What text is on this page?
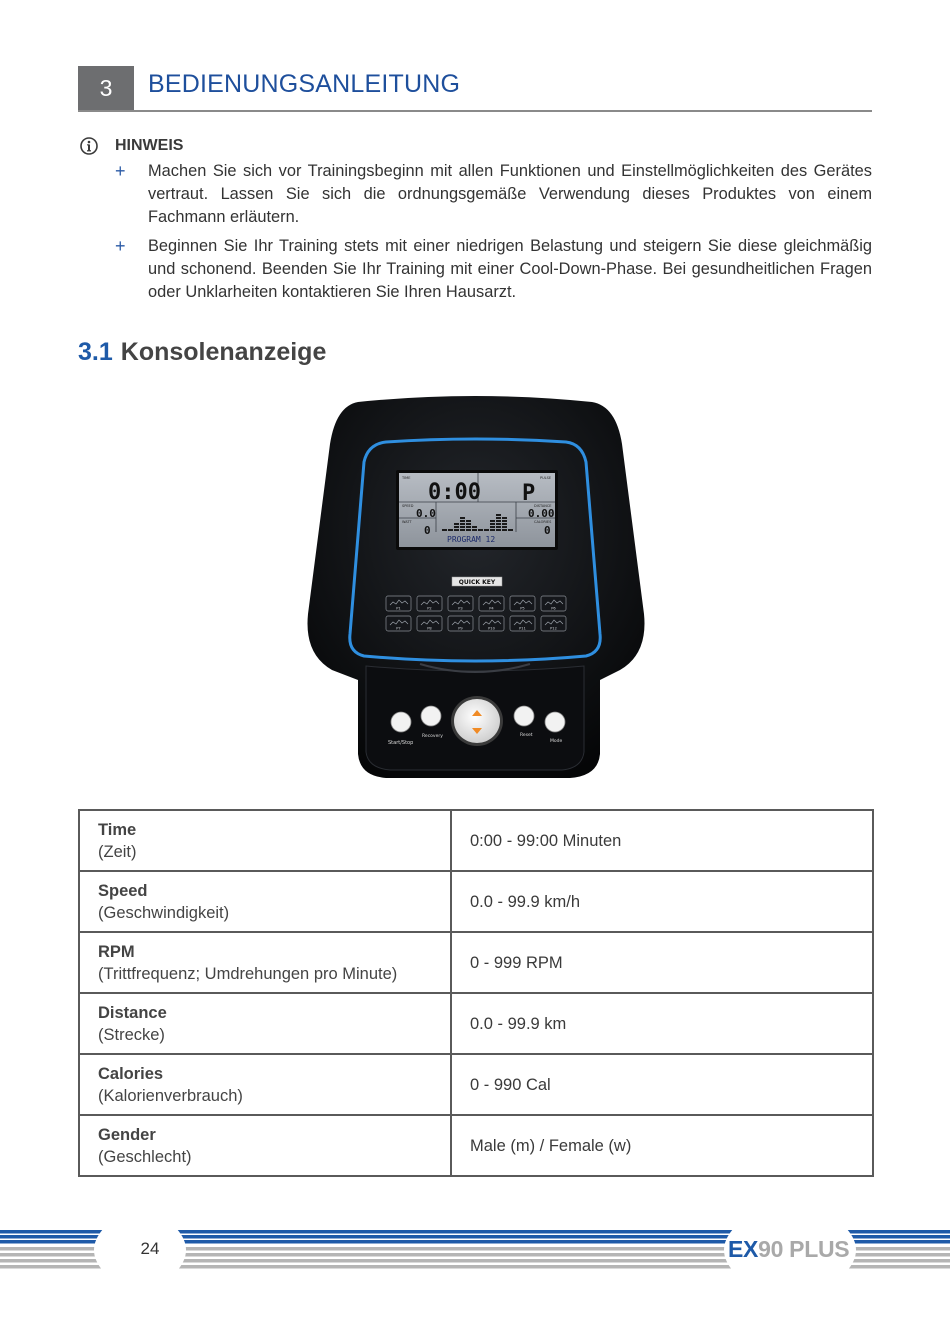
3	BEDIENUNGSANLEITUNG
HINWEIS
+ Machen Sie sich vor Trainingsbeginn mit allen Funktionen und Einstellmöglichkeiten des Gerätes vertraut. Lassen Sie sich die ordnungsgemäße Verwendung dieses Produktes von einem Fachmann erläutern.
+ Beginnen Sie Ihr Training stets mit einer niedrigen Belastung und steigern Sie diese gleichmäßig und schonend. Beenden Sie Ihr Training mit einer Cool-Down-Phase. Bei gesundheitlichen Fragen oder Unklarheiten kontaktieren Sie Ihren Hausarzt.
3.1 Konsolenanzeige
TIME
0:00
PULSE
P
SPEED
0.0
DISTANCE
0.00
WATT
0
CALORIES
0
PROGRAM 12
QUICK KEY
P1	P2	P3	P4	P5	P6
P7	P8	P9	P10	P11	P12
Start/Stop
Recovery	Reset
Mode
Time
(Zeit)	0:00 - 99:00 Minuten

Speed
(Geschwindigkeit)	0.0 - 99.9 km/h

RPM
(Trittfrequenz; Umdrehungen pro Minute)	0 - 999 RPM

Distance
(Strecke)	0.0 - 99.9 km

Calories
(Kalorienverbrauch)	0 - 990 Cal

Gender
(Geschlecht)	Male (m) / Female (w)
24	EX90 PLUS
